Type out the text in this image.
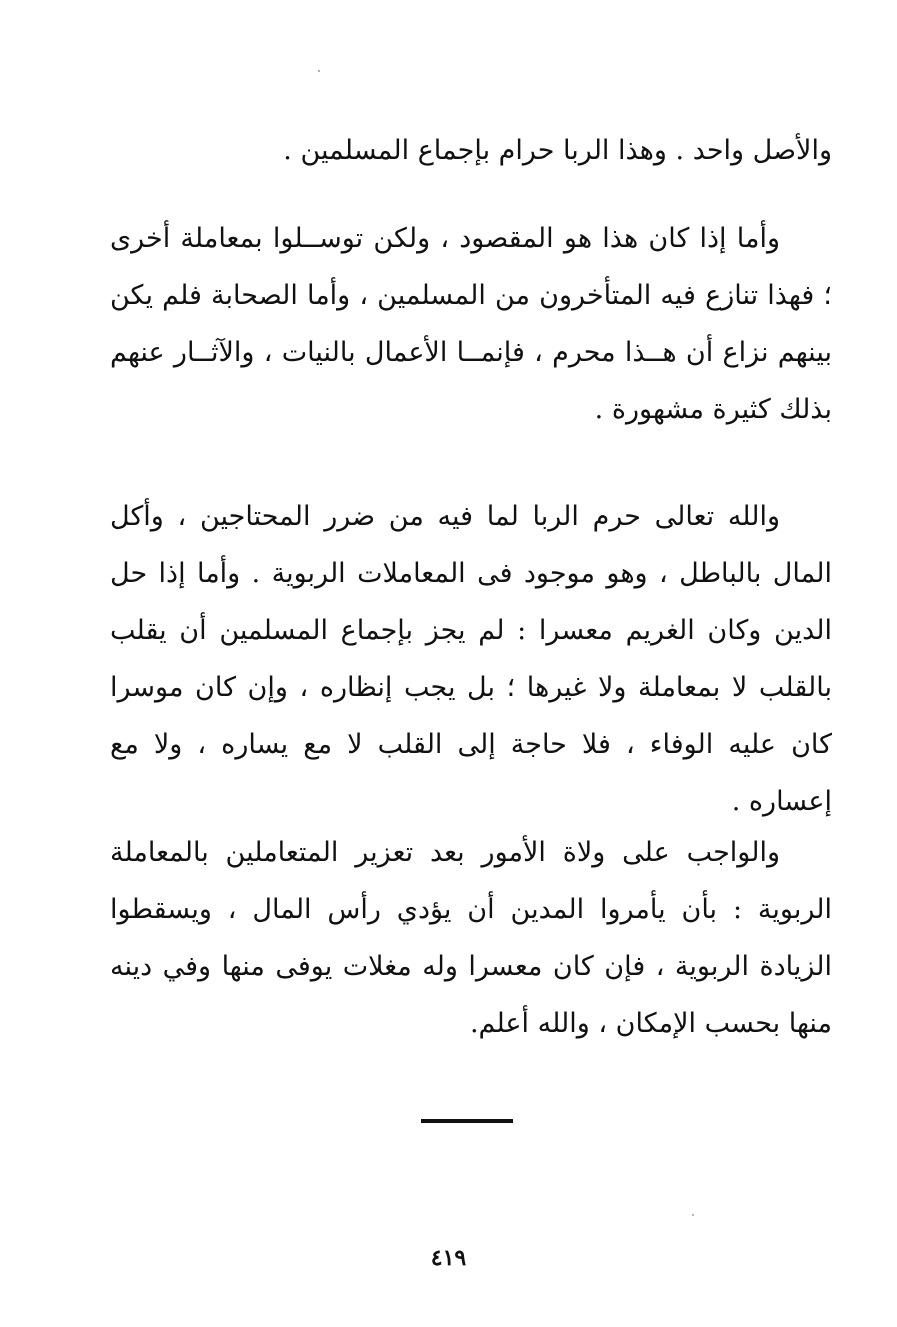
والأصل واحد . وهذا الربا حرام بإجماع المسلمين .

وأما إذا كان هذا هو المقصود ، ولكن توســلوا بمعاملة أخرى ؛ فهذا تنازع فيه المتأخرون من المسلمين ، وأما الصحابة فلم يكن بينهم نزاع أن هــذا محرم ، فإنمــا الأعمال بالنيات ، والآثــار عنهم بذلك كثيرة مشهورة .

والله تعالى حرم الربا لما فيه من ضرر المحتاجين ، وأكل المال بالباطل ، وهو موجود فى المعاملات الربوية . وأما إذا حل الدين وكان الغريم معسرا : لم يجز بإجماع المسلمين أن يقلب بالقلب لا بمعاملة ولا غيرها ؛ بل يجب إنظاره ، وإن كان موسرا كان عليه الوفاء ، فلا حاجة إلى القلب لا مع يساره ، ولا مع إعساره .

والواجب على ولاة الأمور بعد تعزير المتعاملين بالمعاملة الربوية : بأن يأمروا المدين أن يؤدي رأس المال ، ويسقطوا الزيادة الربوية ، فإن كان معسرا وله مغلات يوفى منها وفي دينه منها بحسب الإمكان ، والله أعلم.

٤١٩
